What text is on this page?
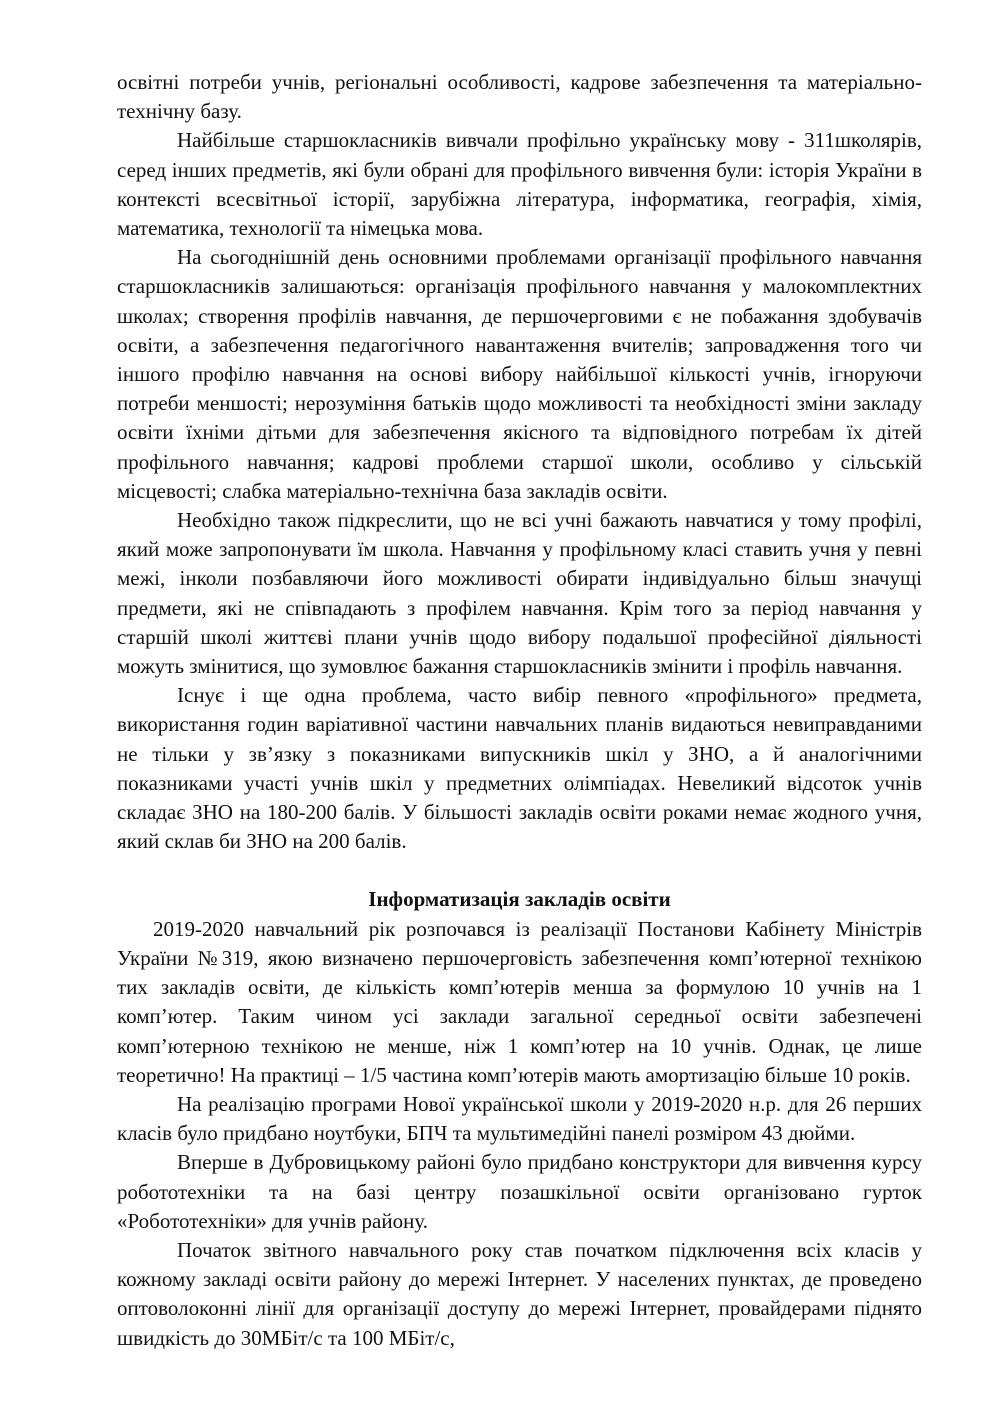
освітні потреби учнів, регіональні особливості, кадрове забезпечення та матеріально-технічну базу.

Найбільше старшокласників вивчали профільно українську мову - 311школярів, серед інших предметів, які були обрані для профільного вивчення були: історія України в контексті всесвітньої історії, зарубіжна література, інформатика, географія, хімія, математика, технології та німецька мова.

На сьогоднішній день основними проблемами організації профільного навчання старшокласників залишаються: організація профільного навчання у малокомплектних школах; створення профілів навчання, де першочерговими є не побажання здобувачів освіти, а забезпечення педагогічного навантаження вчителів; запровадження того чи іншого профілю навчання на основі вибору найбільшої кількості учнів, ігноруючи потреби меншості; нерозуміння батьків щодо можливості та необхідності зміни закладу освіти їхніми дітьми для забезпечення якісного та відповідного потребам їх дітей профільного навчання; кадрові проблеми старшої школи, особливо у сільській місцевості; слабка матеріально-технічна база закладів освіти.

Необхідно також підкреслити, що не всі учні бажають навчатися у тому профілі, який може запропонувати їм школа. Навчання у профільному класі ставить учня у певні межі, інколи позбавляючи його можливості обирати індивідуально більш значущі предмети, які не співпадають з профілем навчання. Крім того за період навчання у старшій школі життєві плани учнів щодо вибору подальшої професійної діяльності можуть змінитися, що зумовлює бажання старшокласників змінити і профіль навчання.

Існує і ще одна проблема, часто вибір певного «профільного» предмета, використання годин варіативної частини навчальних планів видаються невиправданими не тільки у зв’язку з показниками випускників шкіл у ЗНО, а й аналогічними показниками участі учнів шкіл у предметних олімпіадах. Невеликий відсоток учнів складає ЗНО на 180-200 балів. У більшості закладів освіти роками немає жодного учня, який склав би ЗНО на 200 балів.

Інформатизація закладів освіти

2019-2020 навчальний рік розпочався із реалізації Постанови Кабінету Міністрів України №319, якою визначено першочерговість забезпечення комп’ютерної технікою тих закладів освіти, де кількість комп’ютерів менша за формулою 10 учнів на 1 комп’ютер. Таким чином усі заклади загальної середньої освіти забезпечені комп’ютерною технікою не менше, ніж 1 комп’ютер на 10 учнів. Однак, це лише теоретично! На практиці – 1/5 частина комп’ютерів мають амортизацію більше 10 років.

На реалізацію програми Нової української школи у 2019-2020 н.р. для 26 перших класів було придбано ноутбуки, БПЧ та мультимедійні панелі розміром 43 дюйми.

Вперше в Дубровицькому районі було придбано конструктори для вивчення курсу робототехніки та на базі центру позашкільної освіти організовано гурток «Робототехніки» для учнів району.

Початок звітного навчального року став початком підключення всіх класів у кожному закладі освіти району до мережі Інтернет. У населених пунктах, де проведено оптоволоконні лінії для організації доступу до мережі Інтернет, провайдерами піднято швидкість до 30МБіт/с та 100 МБіт/с,
